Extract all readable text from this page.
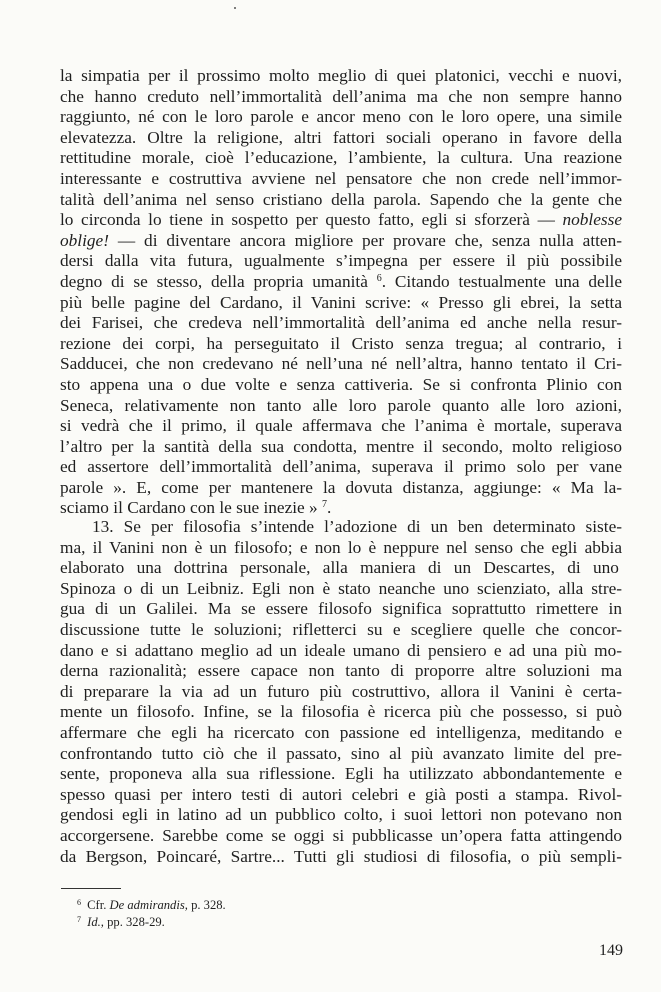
la simpatia per il prossimo molto meglio di quei platonici, vecchi e nuovi,
che hanno creduto nell’immortalità dell’anima ma che non sempre hanno
raggiunto, né con le loro parole e ancor meno con le loro opere, una simile
elevatezza. Oltre la religione, altri fattori sociali operano in favore della
rettitudine morale, cioè l’educazione, l’ambiente, la cultura. Una reazione
interessante e costruttiva avviene nel pensatore che non crede nell’immor-
talità dell’anima nel senso cristiano della parola. Sapendo che la gente che
lo circonda lo tiene in sospetto per questo fatto, egli si sforzerà — noblesse
oblige! — di diventare ancora migliore per provare che, senza nulla atten-
dersi dalla vita futura, ugualmente s’impegna per essere il più possibile
degno di se stesso, della propria umanità $^6$. Citando testualmente una delle
più belle pagine del Cardano, il Vanini scrive: « Presso gli ebrei, la setta
dei Farisei, che credeva nell’immortalità dell’anima ed anche nella resur-
rezione dei corpi, ha perseguitato il Cristo senza tregua; al contrario, i
Sadducei, che non credevano né nell’una né nell’altra, hanno tentato il Cri-
sto appena una o due volte e senza cattiveria. Se si confronta Plinio con
Seneca, relativamente non tanto alle loro parole quanto alle loro azioni,
si vedrà che il primo, il quale affermava che l’anima è mortale, superava
l’altro per la santità della sua condotta, mentre il secondo, molto religioso
ed assertore dell’immortalità dell’anima, superava il primo solo per vane
parole ». E, come per mantenere la dovuta distanza, aggiunge: « Ma la-
sciamo il Cardano con le sue inezie » $^7$.
13. Se per filosofia s’intende l’adozione di un ben determinato siste-
ma, il Vanini non è un filosofo; e non lo è neppure nel senso che egli abbia
elaborato una dottrina personale, alla maniera di un Descartes, di uno
Spinoza o di un Leibniz. Egli non è stato neanche uno scienziato, alla stre-
gua di un Galilei. Ma se essere filosofo significa soprattutto rimettere in
discussione tutte le soluzioni; rifletterci su e scegliere quelle che concor-
dano e si adattano meglio ad un ideale umano di pensiero e ad una più mo-
derna razionalità; essere capace non tanto di proporre altre soluzioni ma
di preparare la via ad un futuro più costruttivo, allora il Vanini è certa-
mente un filosofo. Infine, se la filosofia è ricerca più che possesso, si può
affermare che egli ha ricercato con passione ed intelligenza, meditando e
confrontando tutto ciò che il passato, sino al più avanzato limite del pre-
sente, proponeva alla sua riflessione. Egli ha utilizzato abbondantemente e
spesso quasi per intero testi di autori celebri e già posti a stampa. Rivol-
gendosi egli in latino ad un pubblico colto, i suoi lettori non potevano non
accorgersene. Sarebbe come se oggi si pubblicasse un’opera fatta attingendo
da Bergson, Poincaré, Sartre... Tutti gli studiosi di filosofia, o più sempli-
$^6$ Cfr. De admirandis, p. 328.
$^7$ Id., pp. 328-29.
149
